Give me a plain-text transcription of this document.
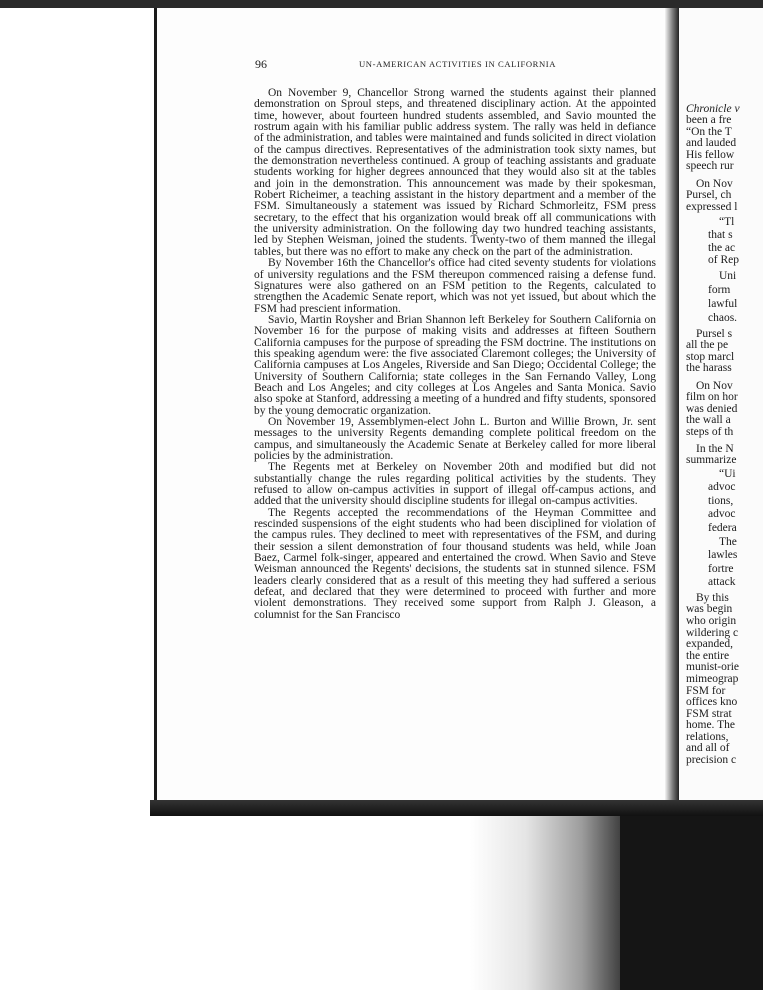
96	UN-AMERICAN ACTIVITIES IN CALIFORNIA

On November 9, Chancellor Strong warned the students against their planned demonstration on Sproul steps, and threatened disciplinary action. At the appointed time, however, about fourteen hundred students assembled, and Savio mounted the rostrum again with his familiar public address system. The rally was held in defiance of the administration, and tables were maintained and funds solicited in direct violation of the campus directives. Representatives of the administration took sixty names, but the demonstration nevertheless continued. A group of teaching assistants and graduate students working for higher degrees announced that they would also sit at the tables and join in the demonstration. This announcement was made by their spokesman, Robert Richeimer, a teaching assistant in the history department and a member of the FSM. Simultaneously a statement was issued by Richard Schmorleitz, FSM press secretary, to the effect that his organization would break off all communications with the university administration. On the following day two hundred teaching assistants, led by Stephen Weisman, joined the students. Twenty-two of them manned the illegal tables, but there was no effort to make any check on the part of the administration.

By November 16th the Chancellor's office had cited seventy students for violations of university regulations and the FSM thereupon commenced raising a defense fund. Signatures were also gathered on an FSM petition to the Regents, calculated to strengthen the Academic Senate report, which was not yet issued, but about which the FSM had prescient information.

Savio, Martin Roysher and Brian Shannon left Berkeley for Southern California on November 16 for the purpose of making visits and addresses at fifteen Southern California campuses for the purpose of spreading the FSM doctrine. The institutions on this speaking agendum were: the five associated Claremont colleges; the University of California campuses at Los Angeles, Riverside and San Diego; Occidental College; the University of Southern California; state colleges in the San Fernando Valley, Long Beach and Los Angeles; and city colleges at Los Angeles and Santa Monica. Savio also spoke at Stanford, addressing a meeting of a hundred and fifty students, sponsored by the young democratic organization.

On November 19, Assemblymen-elect John L. Burton and Willie Brown, Jr. sent messages to the university Regents demanding complete political freedom on the campus, and simultaneously the Academic Senate at Berkeley called for more liberal policies by the administration.

The Regents met at Berkeley on November 20th and modified but did not substantially change the rules regarding political activities by the students. They refused to allow on-campus activities in support of illegal off-campus actions, and added that the university should discipline students for illegal on-campus activities.

The Regents accepted the recommendations of the Heyman Committee and rescinded suspensions of the eight students who had been disciplined for violation of the campus rules. They declined to meet with representatives of the FSM, and during their session a silent demonstration of four thousand students was held, while Joan Baez, Carmel folk-singer, appeared and entertained the crowd. When Savio and Steve Weisman announced the Regents' decisions, the students sat in stunned silence. FSM leaders clearly considered that as a result of this meeting they had suffered a serious defeat, and declared that they were determined to proceed with further and more violent demonstrations. They received some support from Ralph J. Gleason, a columnist for the San Francisco

Chronicle v
been a fre
“On the T
and lauded
His fellow
speech rur
On Nov
Pursel, ch
expressed l
“Tl
that s
the ac
of Rep
Uni
form
lawful
chaos.
Pursel s
all the pe
stop marcl
the harass
On Nov
film on hor
was denied
the wall a
steps of th
In the N
summarize
“Ui
advoc
tions,
advoc
federa
The
lawles
fortre
attack
By this
was begin
who origin
wildering c
expanded,
the entire
munist-orie
mimeograp
FSM for
offices kno
FSM strat
home. The
relations,
and all of
precision c
